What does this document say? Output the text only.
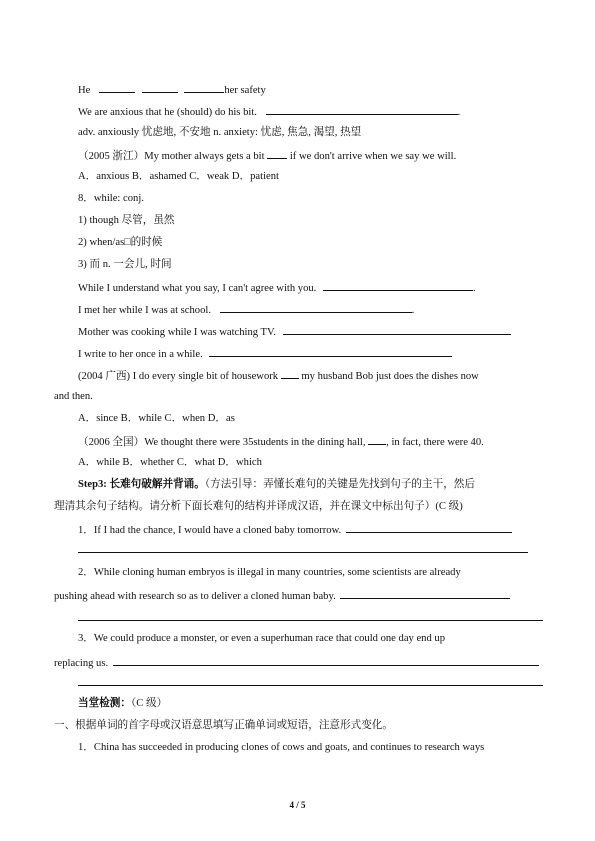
He	her safety
We are anxious that he (should) do his bit.	.
adv. anxiously 忧虑地, 不安地 n. anxiety: 忧虑, 焦急, 渴望, 热望
（2005 浙江）My mother always gets a bit if we don't arrive when we say we will.
A．anxious B．ashamed C．weak D．patient
8．while: conj.
1) though 尽管，虽然
2) when/as□的时候
3) 而 n. 一会儿, 时间
While I understand what you say, I can't agree with you.	.
I met her while I was at school.	.
Mother was cooking while I was watching TV.
I write to her once in a while.
(2004 广西) I do every single bit of housework my husband Bob just does the dishes now
and then.
A．since B．while C．when D．as
（2006 全国）We thought there were 35students in the dining hall, , in fact, there were 40.
A．while B．whether C．what D．which
Step3: 长难句破解并背诵。（方法引导：弄懂长难句的关键是先找到句子的主干，然后
理清其余句子结构。请分析下面长难句的结构并译成汉语，并在课文中标出句子）(C 级)
1．If I had the chance, I would have a cloned baby tomorrow.
2．While cloning human embryos is illegal in many countries, some scientists are already
pushing ahead with research so as to deliver a cloned human baby.
3．We could produce a monster, or even a superhuman race that could one day end up
replacing us.
当堂检测：（C 级）
一、根据单词的首字母或汉语意思填写正确单词或短语，注意形式变化。
1．China has succeeded in producing clones of cows and goats, and continues to research ways
4 / 5
